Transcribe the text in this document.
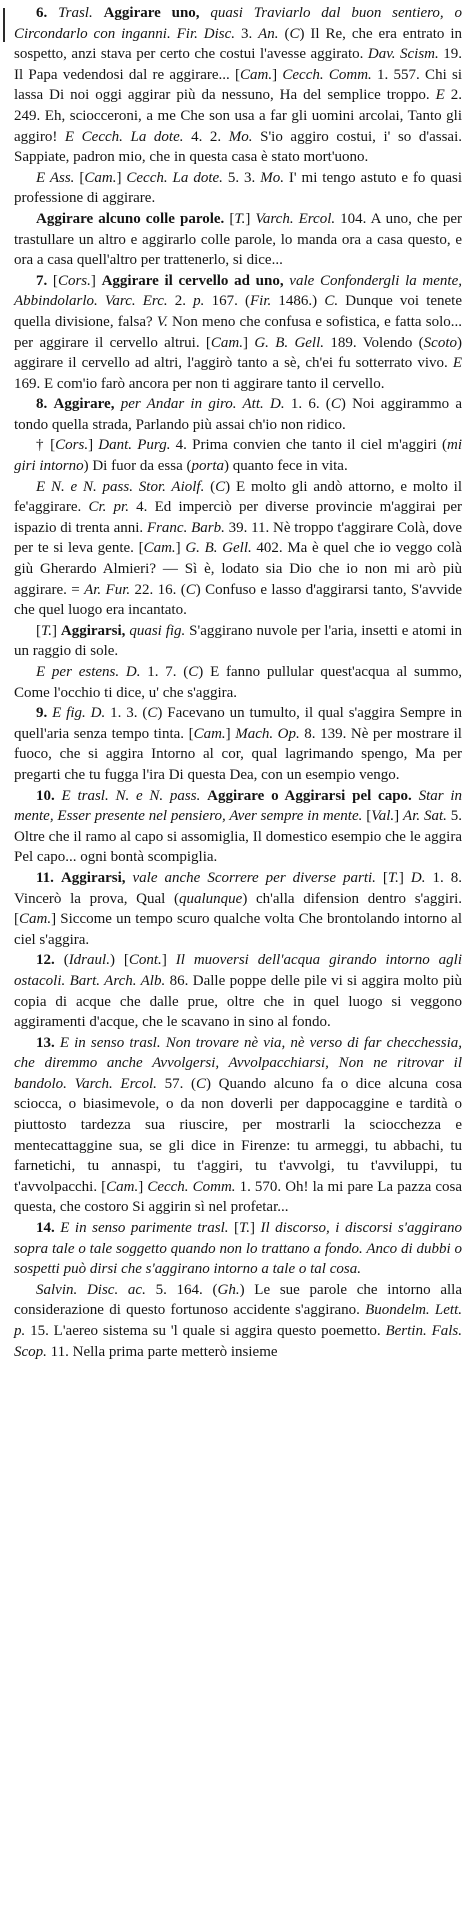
6. Trasl. Aggirare uno, quasi Traviarlo dal buon sentiero, o Circondarlo con inganni. Fir. Disc. 3. An. (C) Il Re, che era entrato in sospetto, anzi stava per certo che costui l'avesse aggirato. Dav. Scism. 19. Il Papa vedendosi dal re aggirare... [Cam.] Cecch. Comm. 1. 557. Chi si lassa Di noi oggi aggirar più da nessuno, Ha del semplice troppo. E 2. 249. Eh, sciocceroni, a me Che son usa a far gli uomini arcolai, Tanto gli aggiro! E Cecch. La dote. 4. 2. Mo. S'io aggiro costui, i' so d'assai. Sappiate, padron mio, che in questa casa è stato mort'uono.

E Ass. [Cam.] Cecch. La dote. 5. 3. Mo. I' mi tengo astuto e fo quasi professione di aggirare.

Aggirare alcuno colle parole. [T.] Varch. Ercol. 104. A uno, che per trastullare un altro e aggirarlo colle parole, lo manda ora a casa questo, e ora a casa quell'altro per trattenerlo, si dice...

7. [Cors.] Aggirare il cervello ad uno, vale Confondergli la mente, Abbindolarlo. Varc. Erc. 2. p. 167. (Fir. 1486.) C. Dunque voi tenete quella divisione, falsa? V. Non meno che confusa e sofistica, e fatta solo... per aggirare il cervello altrui. [Cam.] G. B. Gell. 189. Volendo (Scoto) aggirare il cervello ad altri, l'aggirò tanto a sè, ch'ei fu sotterrato vivo. E 169. E com'io farò ancora per non ti aggirare tanto il cervello.

8. Aggirare, per Andar in giro. Att. D. 1. 6. (C) Noi aggirammo a tondo quella strada, Parlando più assai ch'io non ridico.

† [Cors.] Dant. Purg. 4. Prima convien che tanto il ciel m'aggiri (mi giri intorno) Di fuor da essa (porta) quanto fece in vita.

E N. e N. pass. Stor. Aiolf. (C) E molto gli andò attorno, e molto il fe'aggirare. Cr. pr. 4. Ed imperciò per diverse provincie m'aggirai per ispazio di trenta anni. Franc. Barb. 39. 11. Nè troppo t'aggirare Colà, dove per te si leva gente. [Cam.] G. B. Gell. 402. Ma è quel che io veggo colà giù Gherardo Almieri? — Sì è, lodato sia Dio che io non mi arò più aggirare. = Ar. Fur. 22. 16. (C) Confuso e lasso d'aggirarsi tanto, S'avvide che quel luogo era incantato.

[T.] Aggirarsi, quasi fig. S'aggirano nuvole per l'aria, insetti e atomi in un raggio di sole.

E per estens. D. 1. 7. (C) E fanno pullular quest'acqua al summo, Come l'occhio ti dice, u' che s'aggira.

9. E fig. D. 1. 3. (C) Facevano un tumulto, il qual s'aggira Sempre in quell'aria senza tempo tinta. [Cam.] Mach. Op. 8. 139. Nè per mostrare il fuoco, che si aggira Intorno al cor, qual lagrimando spengo, Ma per pregarti che tu fugga l'ira Di questa Dea, con un esempio vengo.

10. E trasl. N. e N. pass. Aggirare o Aggirarsi pel capo. Star in mente, Esser presente nel pensiero, Aver sempre in mente. [Val.] Ar. Sat. 5. Oltre che il ramo al capo si assomiglia, Il domestico esempio che le aggira Pel capo... ogni bontà scompiglia.

11. Aggirarsi, vale anche Scorrere per diverse parti. [T.] D. 1. 8. Vincerò la prova, Qual (qualunque) ch'alla difension dentro s'aggiri. [Cam.] Siccome un tempo scuro qualche volta Che brontolando intorno al ciel s'aggira.

12. (Idraul.) [Cont.] Il muoversi dell'acqua girando intorno agli ostacoli. Bart. Arch. Alb. 86. Dalle poppe delle pile vi si aggira molto più copia di acque che dalle prue, oltre che in quel luogo si veggono aggiramenti d'acque, che le scavano in sino al fondo.

13. E in senso trasl. Non trovare nè via, nè verso di far checchessia, che diremmo anche Avvolgersi, Avvolpacchiarsi, Non ne ritrovar il bandolo. Varch. Ercol. 57. (C) Quando alcuno fa o dice alcuna cosa sciocca, o biasimevole, o da non doverli per dappocaggine e tardità o piuttosto tardezza sua riuscire, per mostrarli la sciocchezza e mentecattaggine sua, se gli dice in Firenze: tu armeggi, tu abbachi, tu farnetichi, tu annaspi, tu t'aggiri, tu t'avvolgi, tu t'avviluppi, tu t'avvolpacchi. [Cam.] Cecch. Comm. 1. 570. Oh! la mi pare La pazza cosa questa, che costoro Si aggirin sì nel profetar...

14. E in senso parimente trasl. [T.] Il discorso, i discorsi s'aggirano sopra tale o tale soggetto quando non lo trattano a fondo. Anco di dubbi o sospetti può dirsi che s'aggirano intorno a tale o tal cosa.

Salvin. Disc. ac. 5. 164. (Gh.) Le sue parole che intorno alla considerazione di questo fortunoso accidente s'aggirano. Buondelm. Lett. p. 15. L'aereo sistema su 'l quale si aggira questo poemetto. Bertin. Fals. Scop. 11. Nella prima parte metterò insieme
